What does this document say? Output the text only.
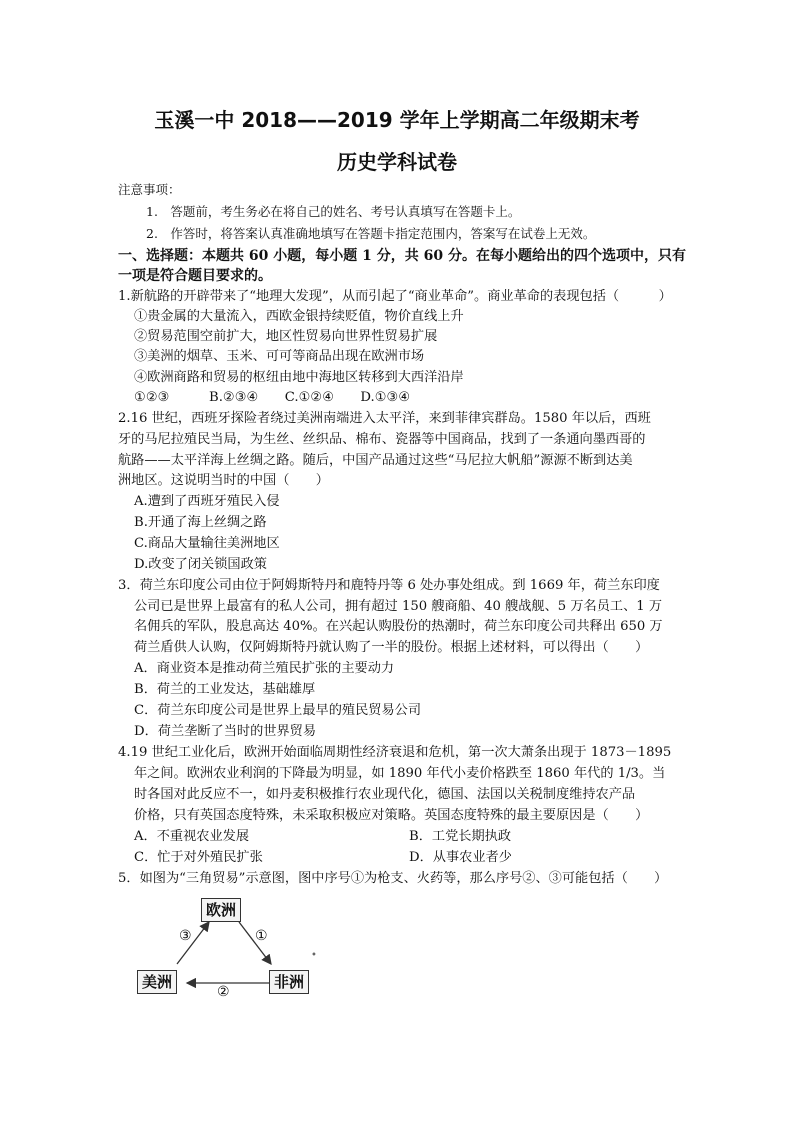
玉溪一中 2018——2019 学年上学期高二年级期末考
历史学科试卷
注意事项：
1.　答题前，考生务必在将自己的姓名、考号认真填写在答题卡上。
2.　作答时，将答案认真准确地填写在答题卡指定范围内，答案写在试卷上无效。
一、选择题：本题共 60 小题，每小题 1 分，共 60 分。在每小题给出的四个选项中，只有
一项是符合题目要求的。
1.新航路的开辟带来了“地理大发现”，从而引起了“商业革命”。商业革命的表现包括（　　　）
①贵金属的大量流入，西欧金银持续贬值，物价直线上升
②贸易范围空前扩大，地区性贸易向世界性贸易扩展
③美洲的烟草、玉米、可可等商品出现在欧洲市场
④欧洲商路和贸易的枢纽由地中海地区转移到大西洋沿岸
①②③　　　B.②③④　　C.①②④　　D.①③④
2.16 世纪，西班牙探险者绕过美洲南端进入太平洋，来到菲律宾群岛。1580 年以后，西班
牙的马尼拉殖民当局，为生丝、丝织品、棉布、瓷器等中国商品，找到了一条通向墨西哥的
航路——太平洋海上丝绸之路。随后，中国产品通过这些“马尼拉大帆船”源源不断到达美
洲地区。这说明当时的中国（　　）
A.遭到了西班牙殖民入侵
B.开通了海上丝绸之路
C.商品大量输往美洲地区
D.改变了闭关锁国政策
3．荷兰东印度公司由位于阿姆斯特丹和鹿特丹等 6 处办事处组成。到 1669 年，荷兰东印度
公司已是世界上最富有的私人公司，拥有超过 150 艘商船、40 艘战舰、5 万名员工、1 万
名佣兵的军队，股息高达 40%。在兴起认购股份的热潮时，荷兰东印度公司共释出 650 万
荷兰盾供人认购，仅阿姆斯特丹就认购了一半的股份。根据上述材料，可以得出（　　）
A．商业资本是推动荷兰殖民扩张的主要动力
B．荷兰的工业发达，基础雄厚
C．荷兰东印度公司是世界上最早的殖民贸易公司
D．荷兰垄断了当时的世界贸易
4.19 世纪工业化后，欧洲开始面临周期性经济衰退和危机，第一次大萧条出现于 1873－1895
年之间。欧洲农业利润的下降最为明显，如 1890 年代小麦价格跌至 1860 年代的 1/3。当
时各国对此反应不一，如丹麦积极推行农业现代化，德国、法国以关税制度维持农产品
价格，只有英国态度特殊，未采取积极应对策略。英国态度特殊的最主要原因是（　　）
A．不重视农业发展	B．工党长期执政
C．忙于对外殖民扩张	D．从事农业者少
5．如图为“三角贸易”示意图，图中序号①为枪支、火药等，那么序号②、③可能包括（　　）
欧洲
美洲	非洲
③	①
②
•
